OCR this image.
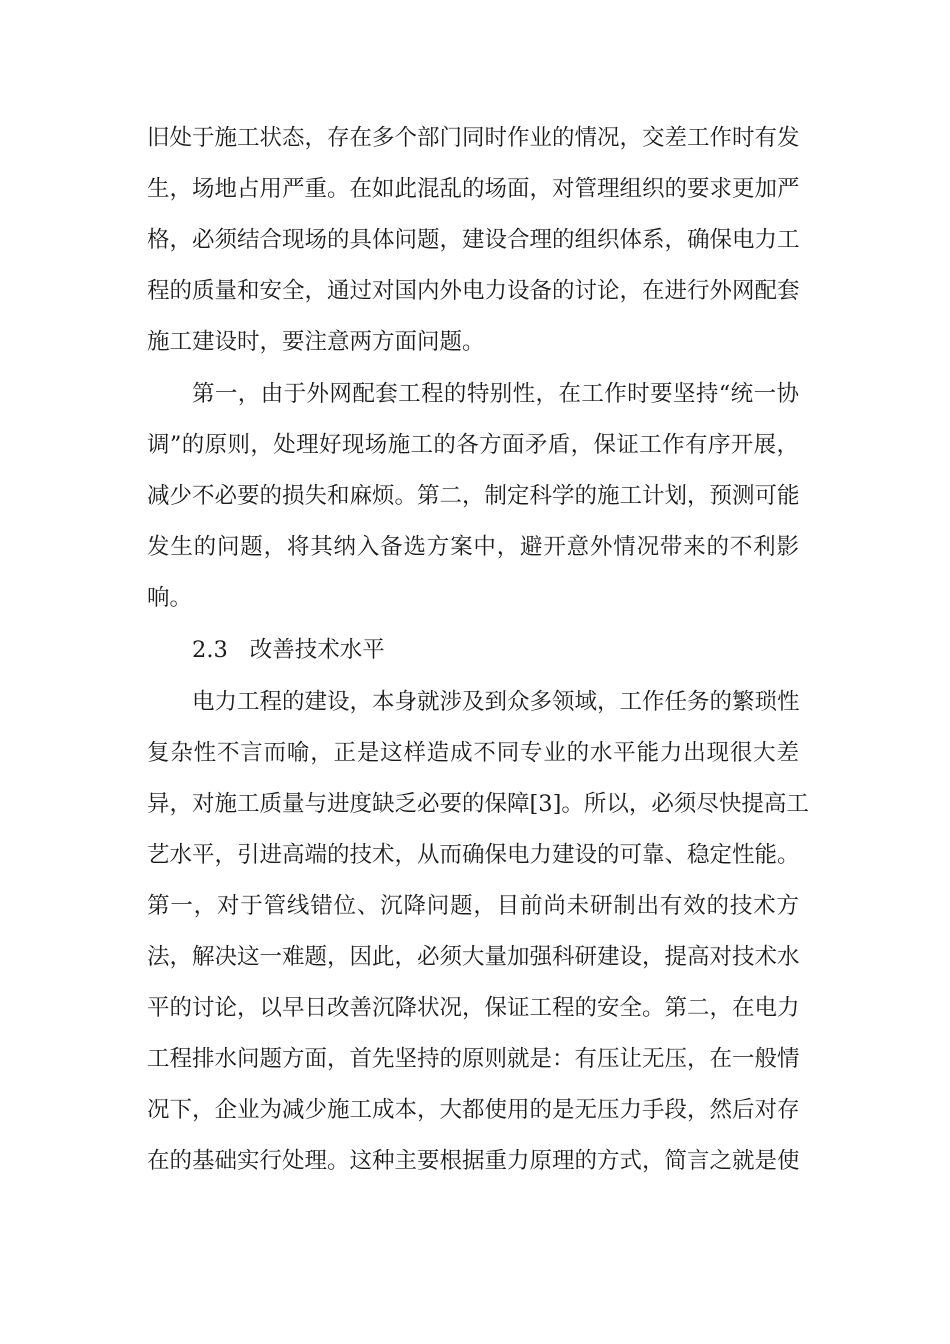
旧处于施工状态，存在多个部门同时作业的情况，交差工作时有发
生，场地占用严重。在如此混乱的场面，对管理组织的要求更加严
格，必须结合现场的具体问题，建设合理的组织体系，确保电力工
程的质量和安全，通过对国内外电力设备的讨论，在进行外网配套
施工建设时，要注意两方面问题。
第一，由于外网配套工程的特别性，在工作时要坚持“统一协
调”的原则，处理好现场施工的各方面矛盾，保证工作有序开展，
减少不必要的损失和麻烦。第二，制定科学的施工计划，预测可能
发生的问题，将其纳入备选方案中，避开意外情况带来的不利影
响。
2.3 改善技术水平
电力工程的建设，本身就涉及到众多领域，工作任务的繁琐性
复杂性不言而喻，正是这样造成不同专业的水平能力出现很大差
异，对施工质量与进度缺乏必要的保障[3]。所以，必须尽快提高工
艺水平，引进高端的技术，从而确保电力建设的可靠、稳定性能。
第一，对于管线错位、沉降问题，目前尚未研制出有效的技术方
法，解决这一难题，因此，必须大量加强科研建设，提高对技术水
平的讨论，以早日改善沉降状况，保证工程的安全。第二，在电力
工程排水问题方面，首先坚持的原则就是：有压让无压，在一般情
况下，企业为减少施工成本，大都使用的是无压力手段，然后对存
在的基础实行处理。这种主要根据重力原理的方式，简言之就是使
